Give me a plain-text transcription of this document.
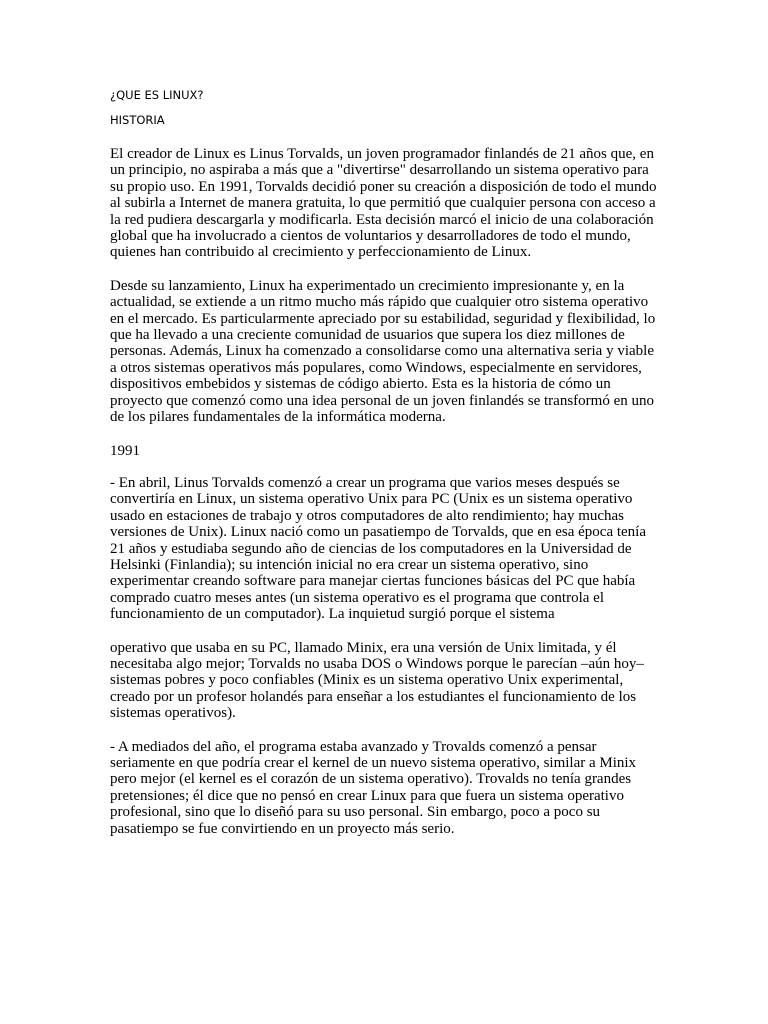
¿QUE ES LINUX?

HISTORIA

El creador de Linux es Linus Torvalds, un joven programador finlandés de 21 años que, en un principio, no aspiraba a más que a "divertirse" desarrollando un sistema operativo para su propio uso. En 1991, Torvalds decidió poner su creación a disposición de todo el mundo al subirla a Internet de manera gratuita, lo que permitió que cualquier persona con acceso a la red pudiera descargarla y modificarla. Esta decisión marcó el inicio de una colaboración global que ha involucrado a cientos de voluntarios y desarrolladores de todo el mundo, quienes han contribuido al crecimiento y perfeccionamiento de Linux.

Desde su lanzamiento, Linux ha experimentado un crecimiento impresionante y, en la actualidad, se extiende a un ritmo mucho más rápido que cualquier otro sistema operativo en el mercado. Es particularmente apreciado por su estabilidad, seguridad y flexibilidad, lo que ha llevado a una creciente comunidad de usuarios que supera los diez millones de personas. Además, Linux ha comenzado a consolidarse como una alternativa seria y viable a otros sistemas operativos más populares, como Windows, especialmente en servidores, dispositivos embebidos y sistemas de código abierto. Esta es la historia de cómo un proyecto que comenzó como una idea personal de un joven finlandés se transformó en uno de los pilares fundamentales de la informática moderna.

1991

- En abril, Linus Torvalds comenzó a crear un programa que varios meses después se convertiría en Linux, un sistema operativo Unix para PC (Unix es un sistema operativo usado en estaciones de trabajo y otros computadores de alto rendimiento; hay muchas versiones de Unix). Linux nació como un pasatiempo de Torvalds, que en esa época tenía 21 años y estudiaba segundo año de ciencias de los computadores en la Universidad de Helsinki (Finlandia); su intención inicial no era crear un sistema operativo, sino experimentar creando software para manejar ciertas funciones básicas del PC que había comprado cuatro meses antes (un sistema operativo es el programa que controla el funcionamiento de un computador). La inquietud surgió porque el sistema

operativo que usaba en su PC, llamado Minix, era una versión de Unix limitada, y él necesitaba algo mejor; Torvalds no usaba DOS o Windows porque le parecían –aún hoy– sistemas pobres y poco confiables (Minix es un sistema operativo Unix experimental, creado por un profesor holandés para enseñar a los estudiantes el funcionamiento de los sistemas operativos).

- A mediados del año, el programa estaba avanzado y Trovalds comenzó a pensar seriamente en que podría crear el kernel de un nuevo sistema operativo, similar a Minix pero mejor (el kernel es el corazón de un sistema operativo). Trovalds no tenía grandes pretensiones; él dice que no pensó en crear Linux para que fuera un sistema operativo profesional, sino que lo diseñó para su uso personal. Sin embargo, poco a poco su pasatiempo se fue convirtiendo en un proyecto más serio.
